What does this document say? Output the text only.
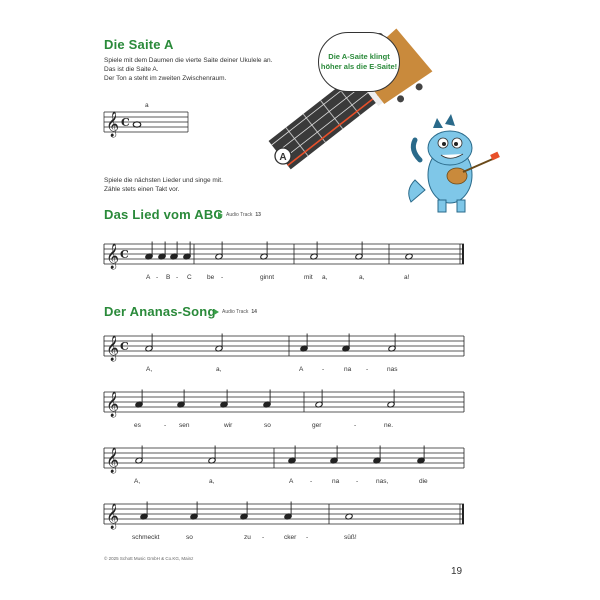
Die Saite A
Spiele mit dem Daumen die vierte Saite deiner Ukulele an.
Das ist die Saite A.
Der Ton a steht im zweiten Zwischenraum.
𝄞 C
a
A
Die A-Saite klingt höher als die E-Saite!
Spiele die nächsten Lieder und singe mit.
Zähle stets einen Takt vor.
Das Lied vom ABC Audio Track 13
𝄞 C
A - B - C be -	ginnt	mit a,	a,	a!
Der Ananas-Song Audio Track 14
𝄞 C
A,	a,	A	-	na -	nas
𝄞
es	- sen	wir	so	ger	-	ne.
𝄞
A,	a,	A	-	na	-	nas,	die
𝄞
schmeckt	so	zu -	cker -	süß!
© 2025 Schott Music GmbH & Co.KG, Mainz
19
